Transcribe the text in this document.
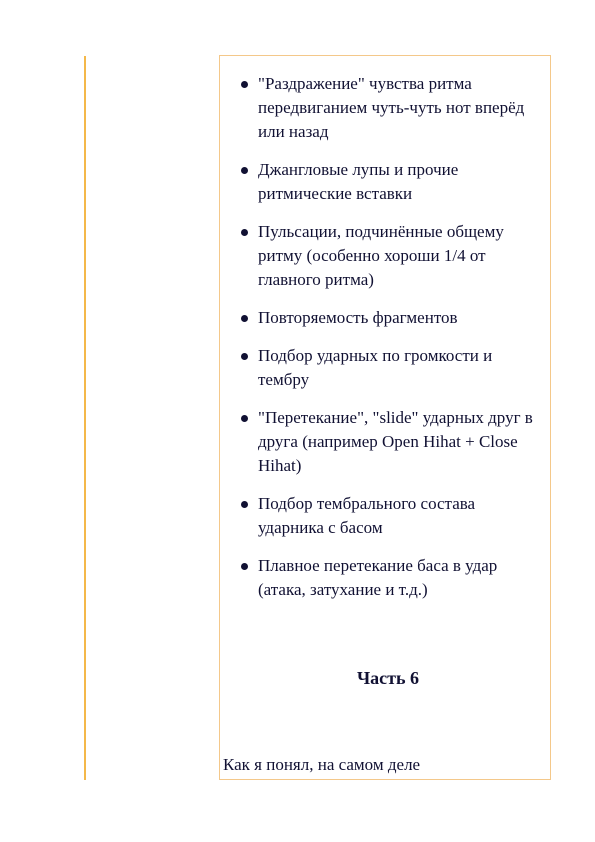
"Раздражение" чувства ритма передвиганием чуть-чуть нот вперёд или назад
Джангловые лупы и прочие ритмические вставки
Пульсации, подчинённые общему ритму (особенно хороши 1/4 от главного ритма)
Повторяемость фрагментов
Подбор ударных по громкости и тембру
"Перетекание", "slide" ударных друг в друга (например Open Hihat + Close Hihat)
Подбор тембрального состава ударника с басом
Плавное перетекание баса в удар (атака, затухание и т.д.)
Часть 6
Как я понял, на самом деле
